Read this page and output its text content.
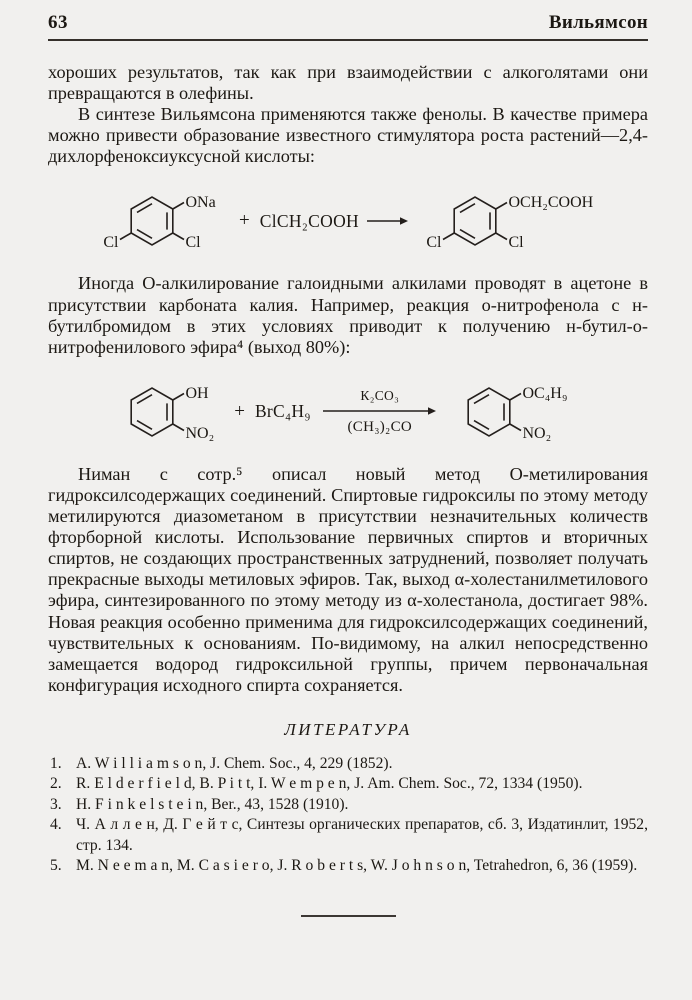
63	Вильямсон

хороших результатов, так как при взаимодействии с алкоголятами они превращаются в олефины.

В синтезе Вильямсона применяются также фенолы. В качестве примера можно привести образование известного стимулятора роста растений—2,4-дихлорфеноксиуксусной кислоты:

ONa
Cl	Cl
+ ClCH₂COOH →
OCH₂COOH
Cl	Cl

Иногда О-алкилирование галоидными алкилами проводят в ацетоне в присутствии карбоната калия. Например, реакция о-нитрофенола с н-бутилбромидом в этих условиях приводит к получению н-бутил-о-нитрофенилового эфира⁴ (выход 80%):

OH
NO₂
+ BrC₄H₉
К₂CO₃
(CH₃)₂CO
OC₄H₉
NO₂

Ниман с сотр.⁵ описал новый метод О-метилирования гидроксилсодержащих соединений. Спиртовые гидроксилы по этому методу метилируются диазометаном в присутствии незначительных количеств фторборной кислоты. Использование первичных спиртов и вторичных спиртов, не создающих пространственных затруднений, позволяет получать прекрасные выходы метиловых эфиров. Так, выход α-холестанилметилового эфира, синтезированного по этому методу из α-холестанола, достигает 98%. Новая реакция особенно применима для гидроксилсодержащих соединений, чувствительных к основаниям. По-видимому, на алкил непосредственно замещается водород гидроксильной группы, причем первоначальная конфигурация исходного спирта сохраняется.

ЛИТЕРАТУРА
1. A. W i l l i a m s o n, J. Chem. Soc., 4, 229 (1852).
2. R. E l d e r f i e l d, B. P i t t, I. W e m p e n, J. Am. Chem. Soc., 72, 1334 (1950).
3. H. F i n k e l s t e i n, Ber., 43, 1528 (1910).
4. Ч. А л л е н, Д. Г е й т с, Синтезы органических препаратов, сб. 3, Издатинлит, 1952, стр. 134.
5. M. N e e m a n, M. C a s i e r o, J. R o b e r t s, W. J o h n s o n, Tetrahedron, 6, 36 (1959).
